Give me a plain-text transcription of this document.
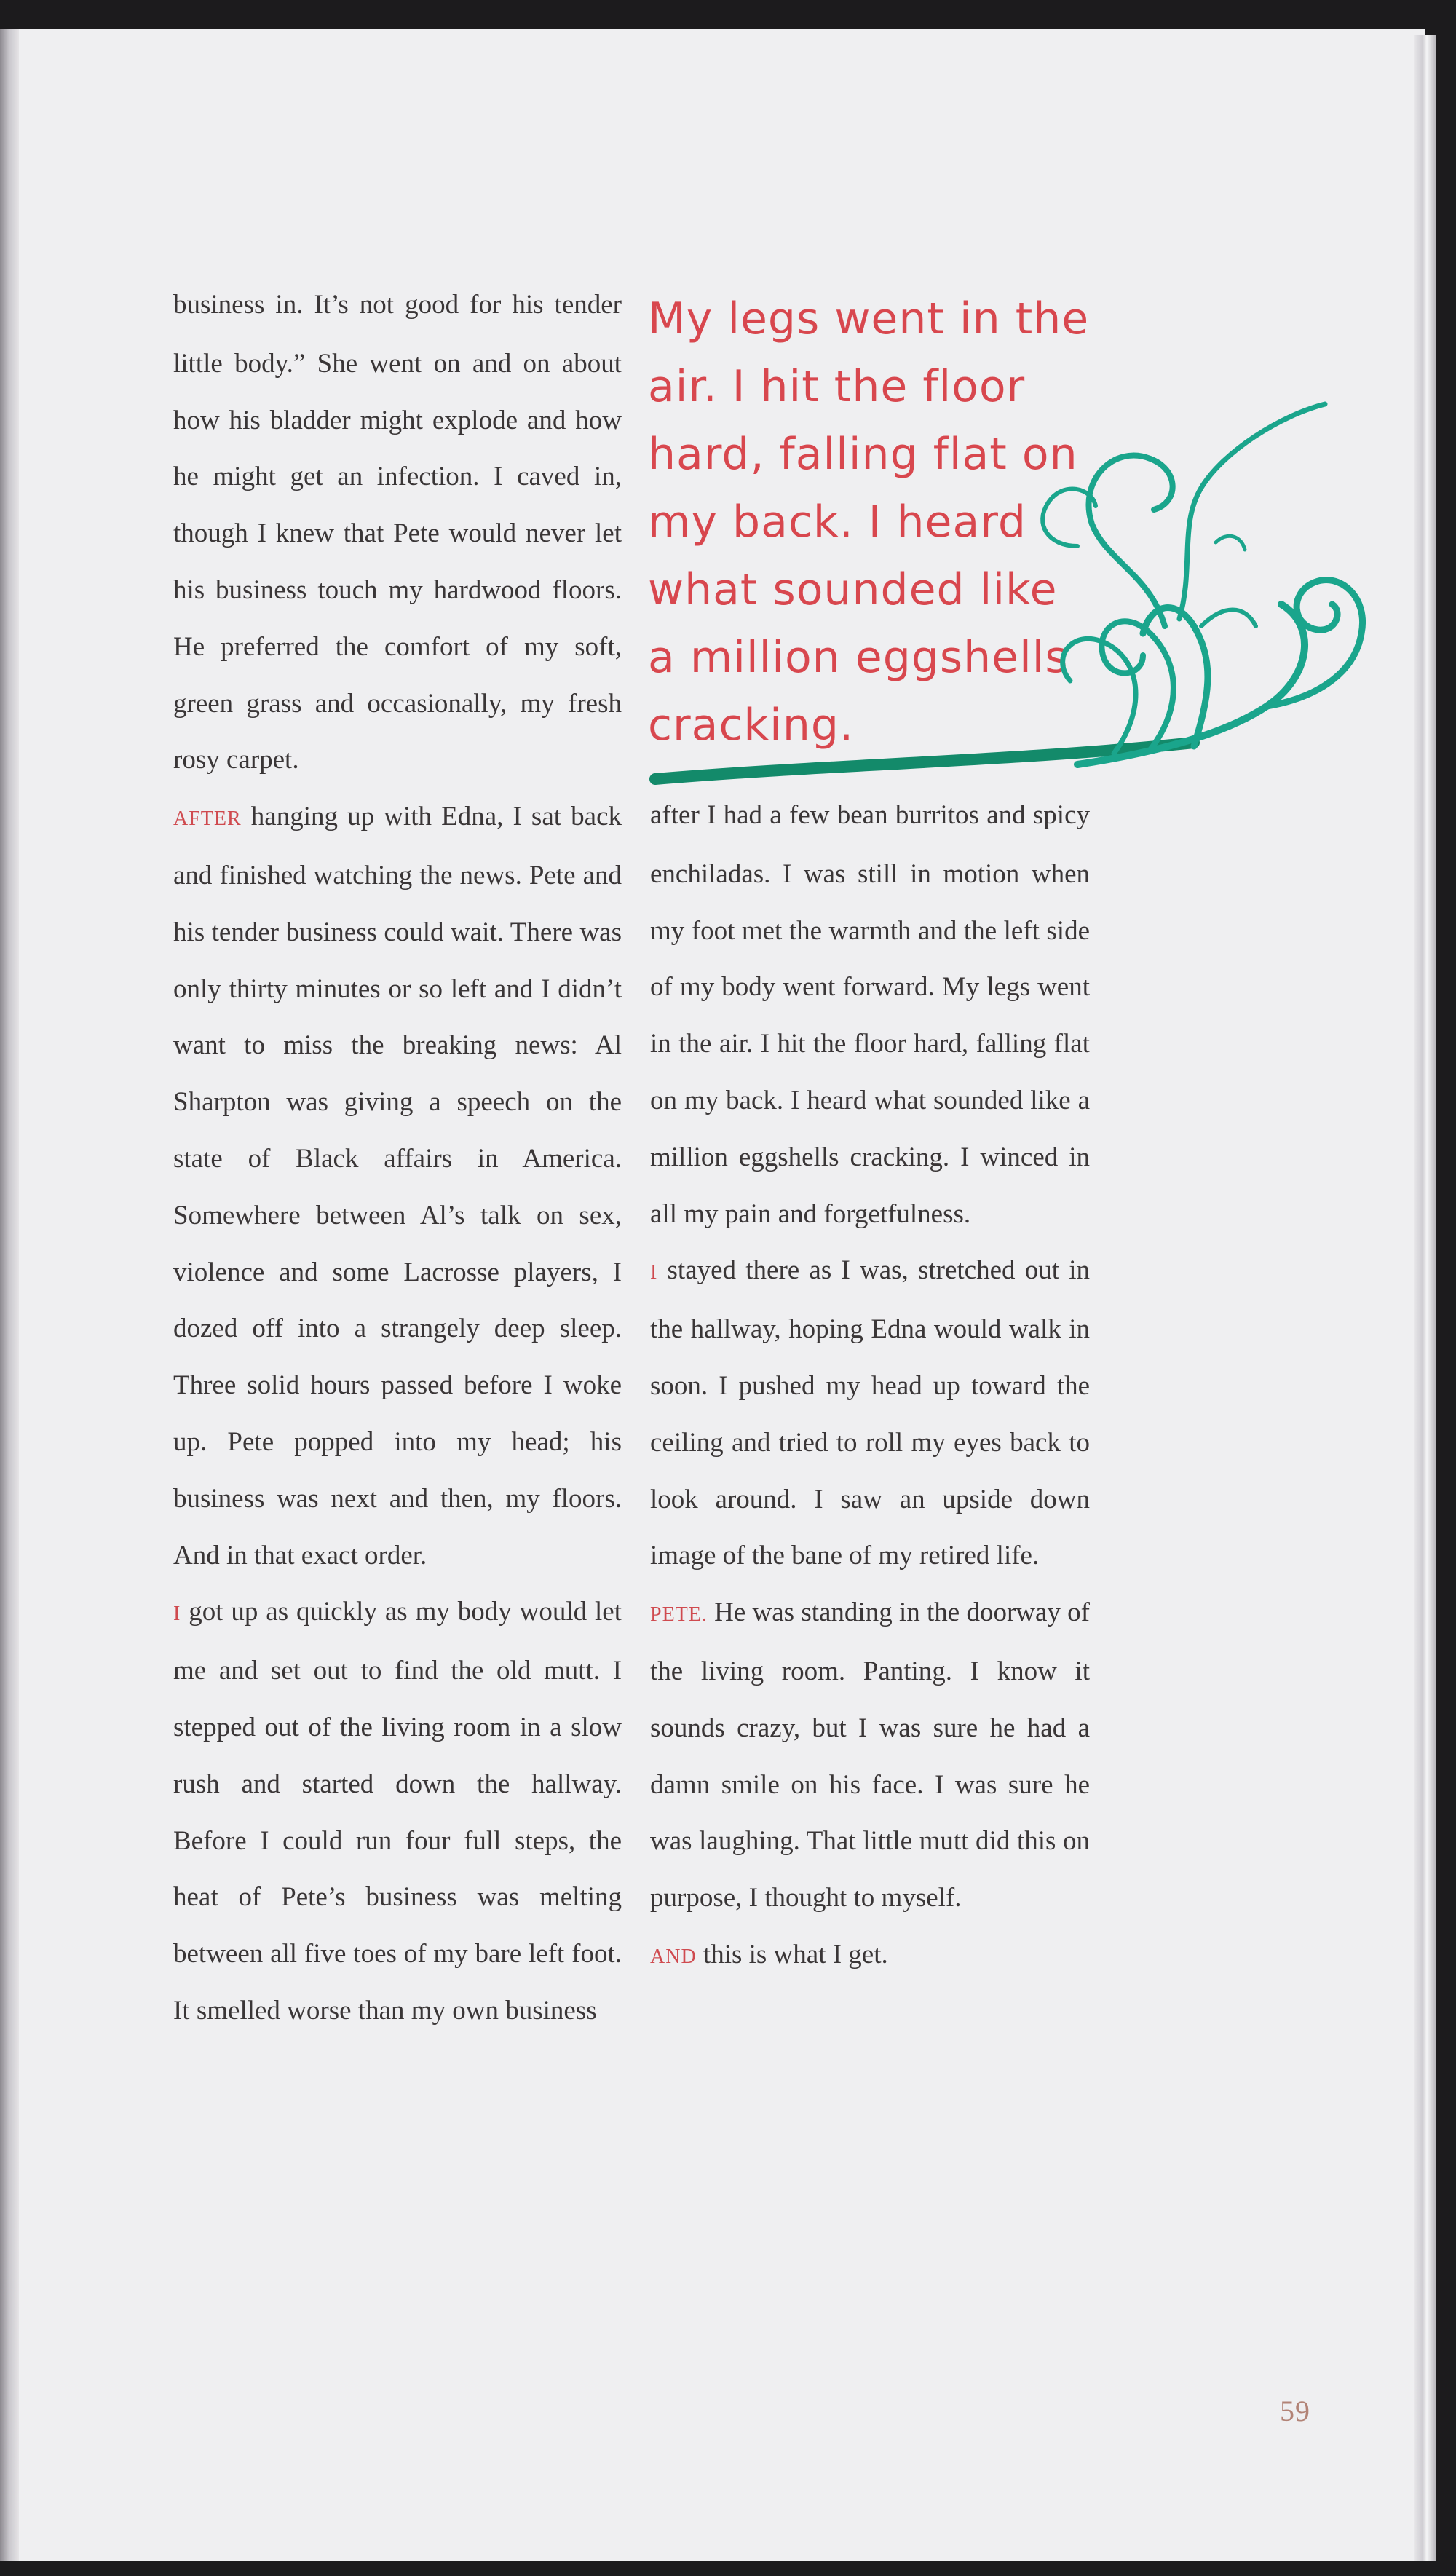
business in. It’s not good for his tender little body.” She went on and on about how his bladder might explode and how he might get an infection. I caved in, though I knew that Pete would never let his business touch my hardwood floors. He preferred the comfort of my soft, green grass and occasionally, my fresh rosy carpet.

AFTER hanging up with Edna, I sat back and finished watching the news. Pete and his tender business could wait. There was only thirty minutes or so left and I didn’t want to miss the breaking news: Al Sharpton was giving a speech on the state of Black affairs in America. Somewhere between Al’s talk on sex, violence and some Lacrosse players, I dozed off into a strangely deep sleep. Three solid hours passed before I woke up. Pete popped into my head; his business was next and then, my floors. And in that exact order.

I got up as quickly as my body would let me and set out to find the old mutt. I stepped out of the living room in a slow rush and started down the hallway. Before I could run four full steps, the heat of Pete’s business was melting between all five toes of my bare left foot. It smelled worse than my own business

My legs went in the
air. I hit the floor
hard, falling flat on
my back. I heard
what sounded like
a million eggshells
cracking.

after I had a few bean burritos and spicy enchiladas. I was still in motion when my foot met the warmth and the left side of my body went forward. My legs went in the air. I hit the floor hard, falling flat on my back. I heard what sounded like a million eggshells cracking. I winced in all my pain and forgetfulness.

I stayed there as I was, stretched out in the hallway, hoping Edna would walk in soon. I pushed my head up toward the ceiling and tried to roll my eyes back to look around. I saw an upside down image of the bane of my retired life.

PETE. He was standing in the doorway of the living room. Panting. I know it sounds crazy, but I was sure he had a damn smile on his face. I was sure he was laughing. That little mutt did this on purpose, I thought to myself.

AND this is what I get.

59
